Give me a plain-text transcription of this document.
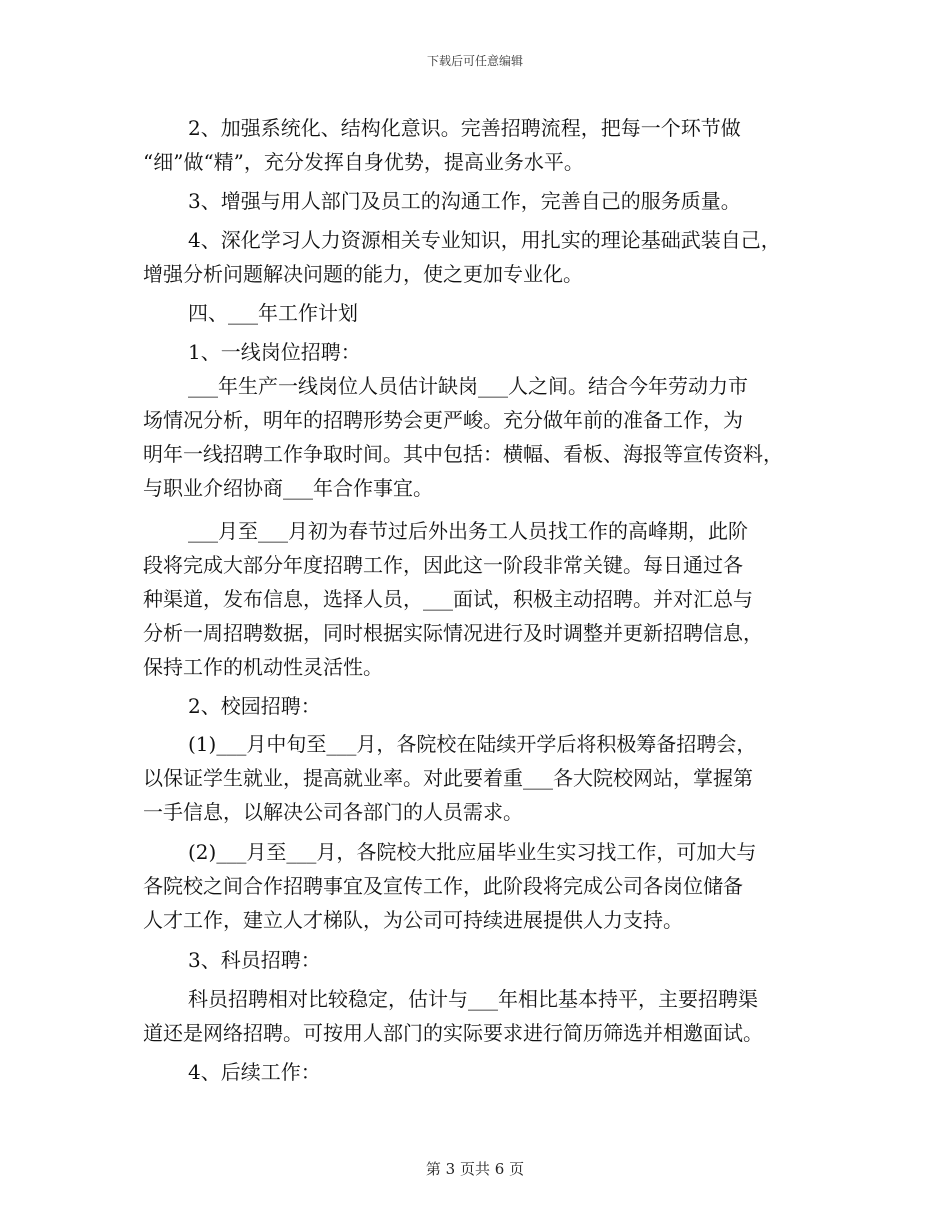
下载后可任意编辑
2、加强系统化、结构化意识。完善招聘流程，把每一个环节做
“细”做“精”，充分发挥自身优势，提高业务水平。
3、增强与用人部门及员工的沟通工作，完善自己的服务质量。
4、深化学习人力资源相关专业知识，用扎实的理论基础武装自己，
增强分析问题解决问题的能力，使之更加专业化。
四、___年工作计划
1、一线岗位招聘：
___年生产一线岗位人员估计缺岗___人之间。结合今年劳动力市
场情况分析，明年的招聘形势会更严峻。充分做年前的准备工作，为
明年一线招聘工作争取时间。其中包括：横幅、看板、海报等宣传资料，
与职业介绍协商___年合作事宜。
___月至___月初为春节过后外出务工人员找工作的高峰期，此阶
段将完成大部分年度招聘工作，因此这一阶段非常关键。每日通过各
种渠道，发布信息，选择人员，___面试，积极主动招聘。并对汇总与
分析一周招聘数据，同时根据实际情况进行及时调整并更新招聘信息，
保持工作的机动性灵活性。
2、校园招聘：
(1)___月中旬至___月，各院校在陆续开学后将积极筹备招聘会，
以保证学生就业，提高就业率。对此要着重___各大院校网站，掌握第
一手信息，以解决公司各部门的人员需求。
(2)___月至___月，各院校大批应届毕业生实习找工作，可加大与
各院校之间合作招聘事宜及宣传工作，此阶段将完成公司各岗位储备
人才工作，建立人才梯队，为公司可持续进展提供人力支持。
3、科员招聘：
科员招聘相对比较稳定，估计与___年相比基本持平，主要招聘渠
道还是网络招聘。可按用人部门的实际要求进行简历筛选并相邀面试。
4、后续工作：
第 3 页共 6 页
